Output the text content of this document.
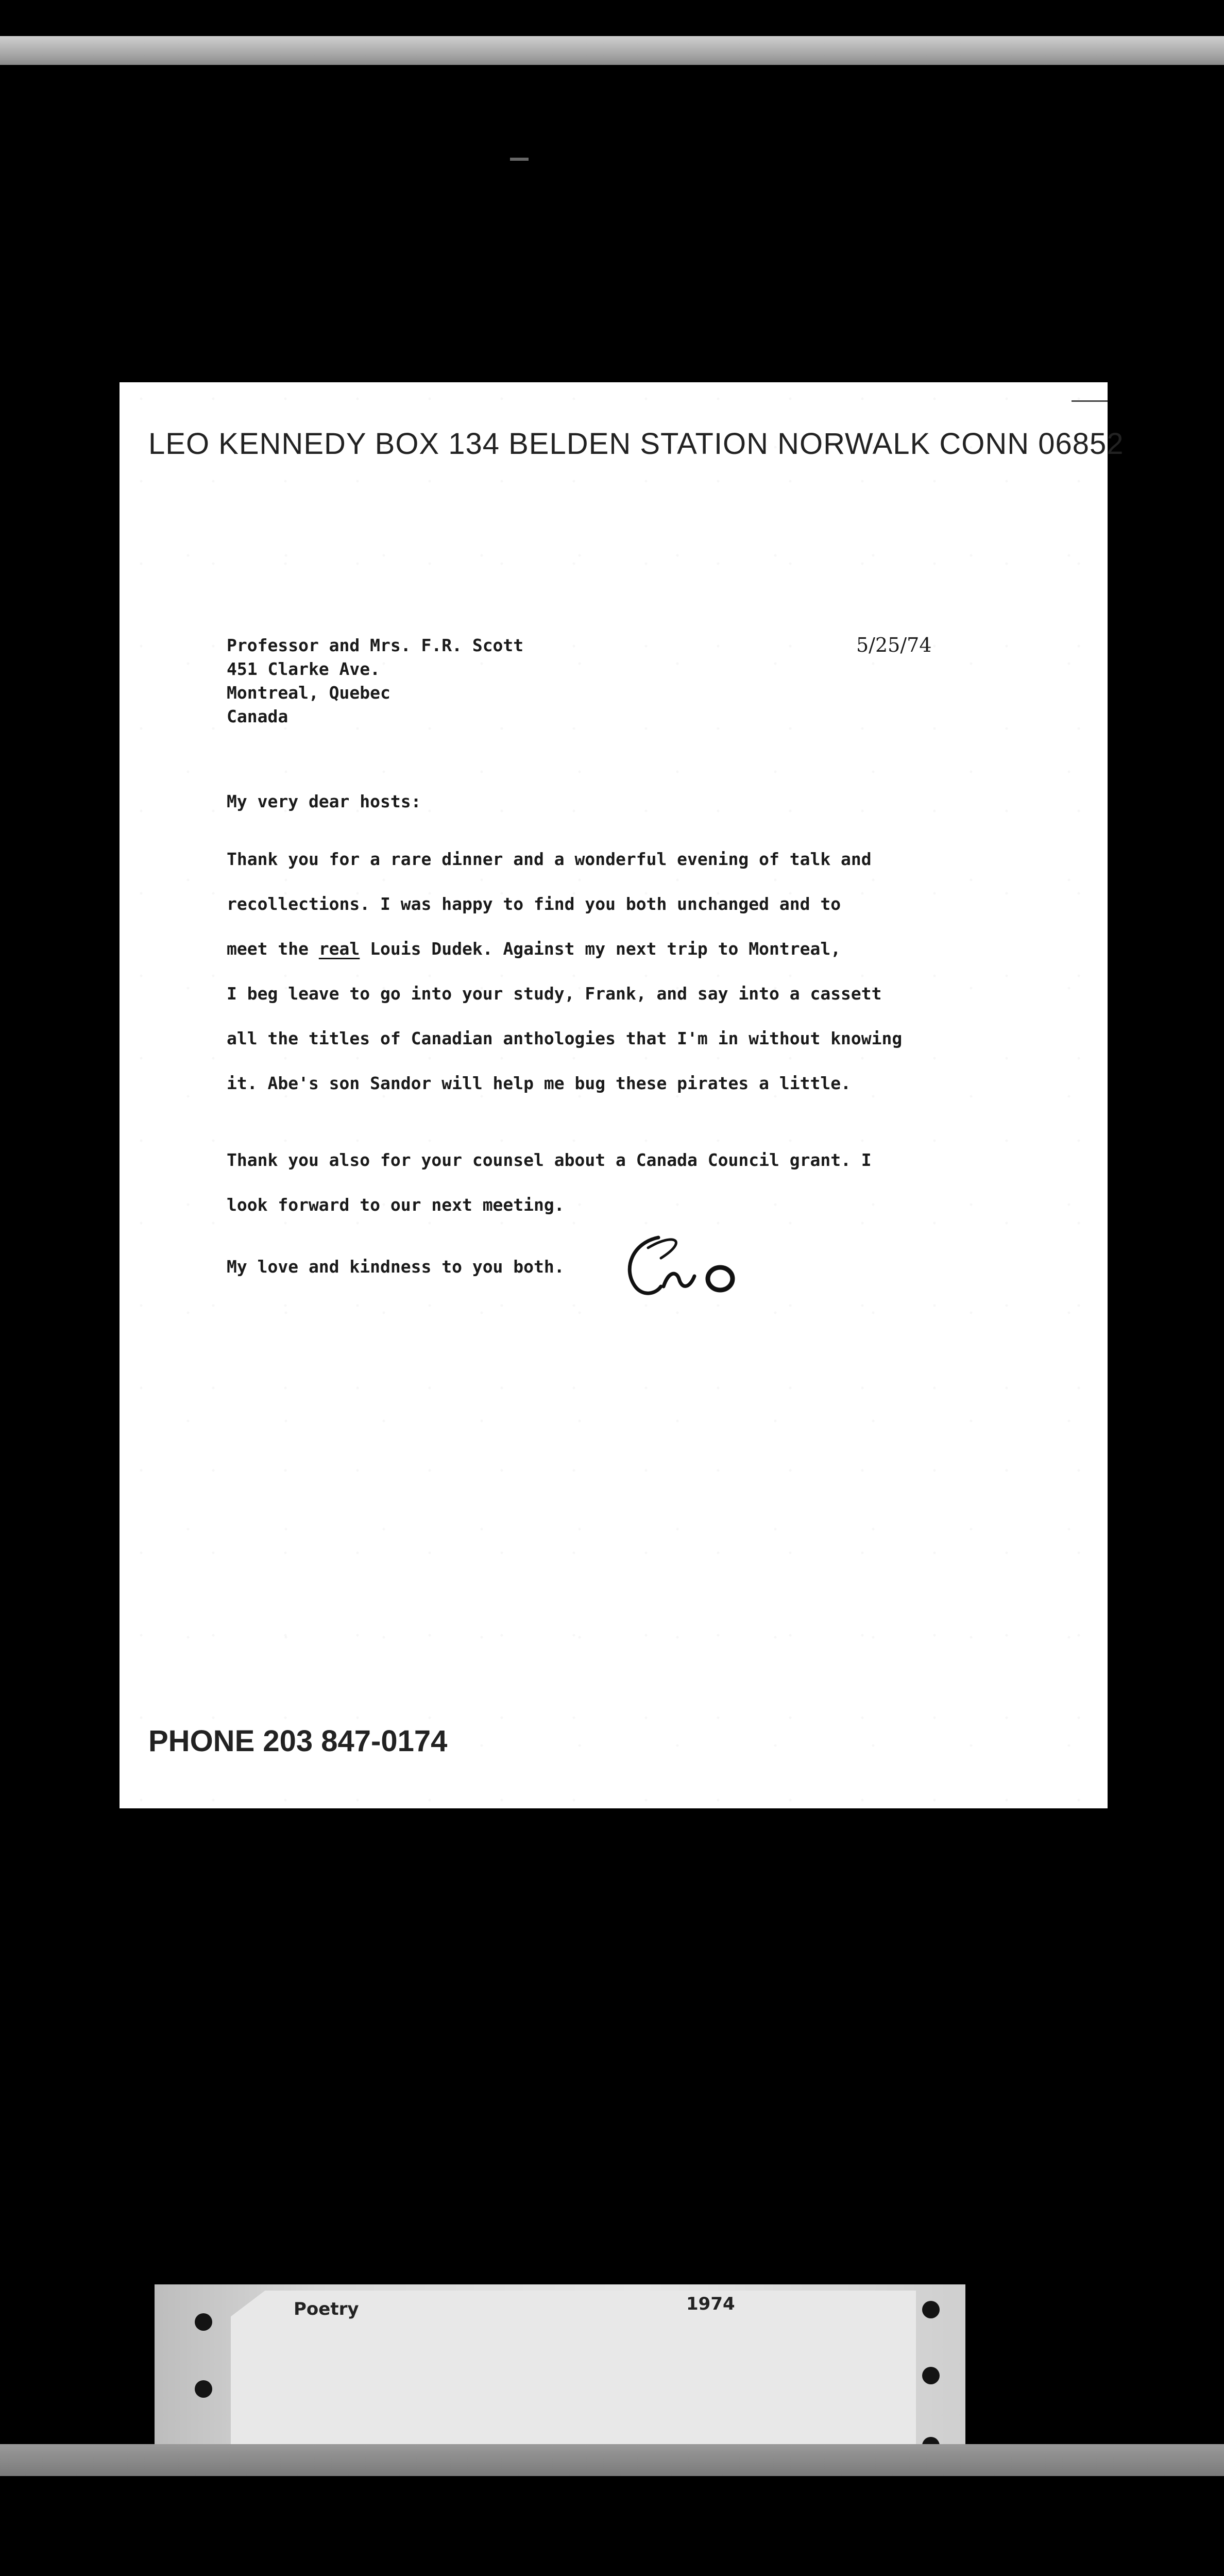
LEO KENNEDY BOX 134 BELDEN STATION NORWALK CONN 06852
Professor and Mrs. F.R. Scott
451 Clarke Ave.
Montreal, Quebec
Canada
5/25/74
My very dear hosts:
Thank you for a rare dinner and a wonderful evening of talk and
recollections. I was happy to find you both unchanged and to
meet the real Louis Dudek. Against my next trip to Montreal,
I beg leave to go into your study, Frank, and say into a cassett
all the titles of Canadian anthologies that I'm in without knowing
it. Abe's son Sandor will help me bug these pirates a little.
Thank you also for your counsel about a Canada Council grant. I
look forward to our next meeting.
My love and kindness to you both.
PHONE 203 847-0174
Poetry	1974
